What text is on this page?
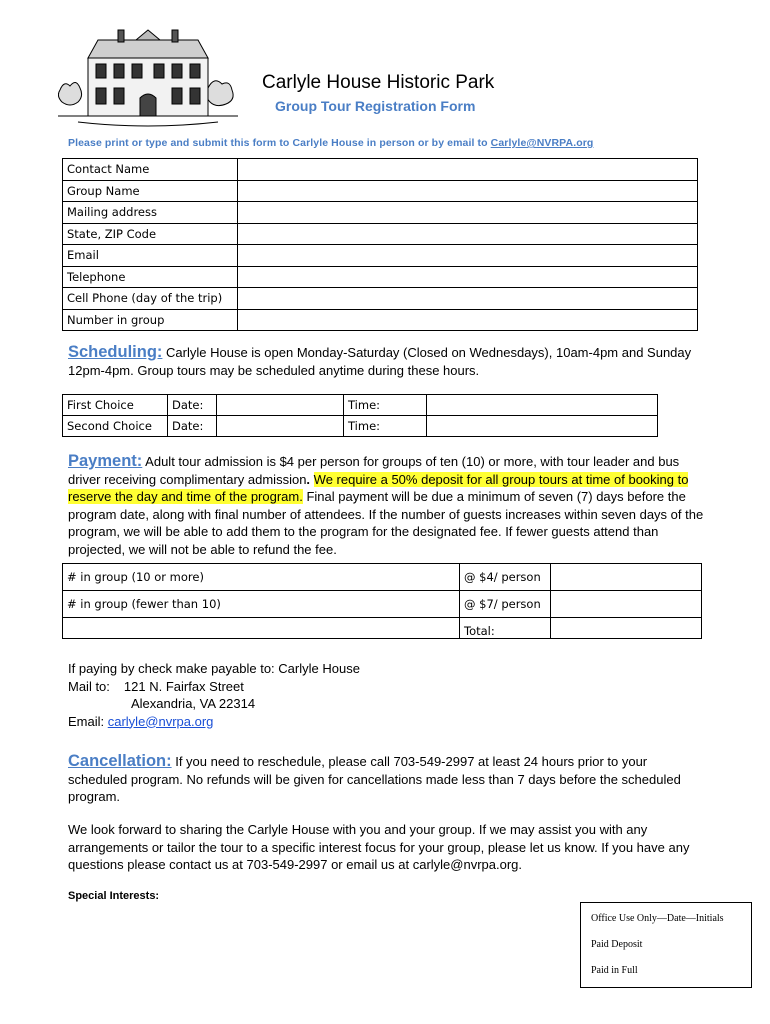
Carlyle House Historic Park
Group Tour Registration Form
Please print or type and submit this form to Carlyle House in person or by email to Carlyle@NVRPA.org
Contact Name	
Group Name	
Mailing address	
State, ZIP Code	
Email	
Telephone	
Cell Phone (day of the trip)	
Number in group	
Scheduling: Carlyle House is open Monday-Saturday (Closed on Wednesdays), 10am-4pm and Sunday 12pm-4pm. Group tours may be scheduled anytime during these hours.
First Choice	Date:		Time:	
Second Choice	Date:		Time:	
Payment: Adult tour admission is $4 per person for groups of ten (10) or more, with tour leader and bus driver receiving complimentary admission. We require a 50% deposit for all group tours at time of booking to reserve the day and time of the program. Final payment will be due a minimum of seven (7) days before the program date, along with final number of attendees. If the number of guests increases within seven days of the program, we will be able to add them to the program for the designated fee. If fewer guests attend than projected, we will not be able to refund the fee.
# in group (10 or more)	@ $4/ person	
# in group (fewer than 10)	@ $7/ person	
	Total:	
If paying by check make payable to: Carlyle House
Mail to: 121 N. Fairfax Street
Alexandria, VA 22314
Email: carlyle@nvrpa.org
Cancellation: If you need to reschedule, please call 703-549-2997 at least 24 hours prior to your scheduled program. No refunds will be given for cancellations made less than 7 days before the scheduled program.
We look forward to sharing the Carlyle House with you and your group. If we may assist you with any arrangements or tailor the tour to a specific interest focus for your group, please let us know. If you have any questions please contact us at 703-549-2997 or email us at carlyle@nvrpa.org.
Special Interests:
Office Use Only—Date—Initials
Paid Deposit
Paid in Full
